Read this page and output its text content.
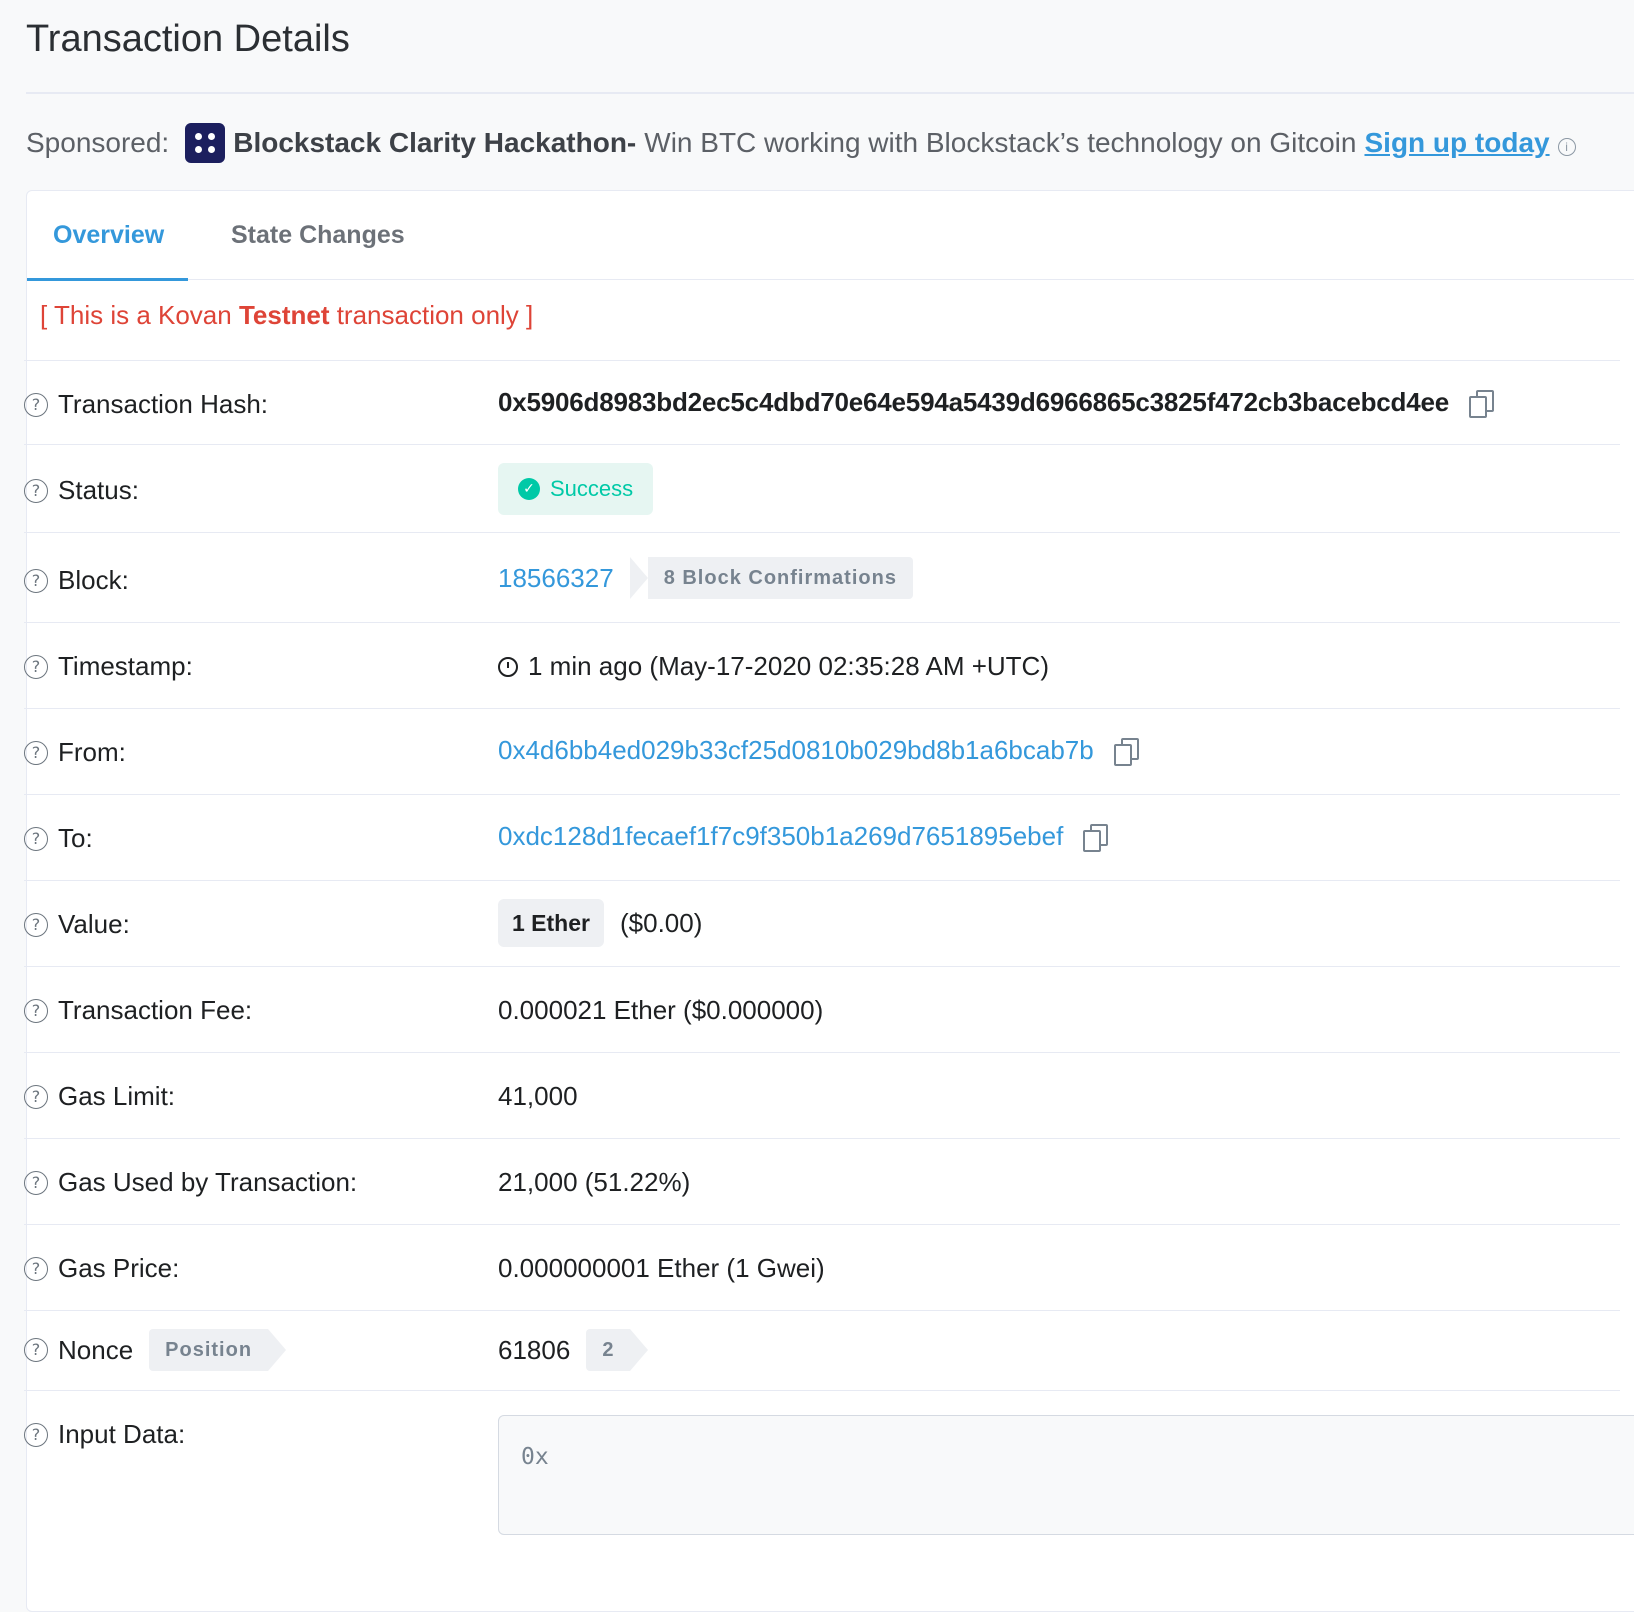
Transaction Details
Sponsored: Blockstack Clarity Hackathon- Win BTC working with Blockstack’s technology on Gitcoin Sign up today	i
Overview	State Changes
[ This is a Kovan Testnet transaction only ]
? Transaction Hash:	0x5906d8983bd2ec5c4dbd70e64e594a5439d6966865c3825f472cb3bacebcd4ee
? Status:	✓ Success
? Block:	18566327	8 Block Confirmations
? Timestamp:	1 min ago (May-17-2020 02:35:28 AM +UTC)
? From:	0x4d6bb4ed029b33cf25d0810b029bd8b1a6bcab7b
? To:	0xdc128d1fecaef1f7c9f350b1a269d7651895ebef
? Value:	1 Ether	($0.00)
? Transaction Fee:	0.000021 Ether ($0.000000)
? Gas Limit:	41,000
? Gas Used by Transaction:	21,000 (51.22%)
? Gas Price:	0.000000001 Ether (1 Gwei)
? Nonce	Position	61806	2
? Input Data:
0x
